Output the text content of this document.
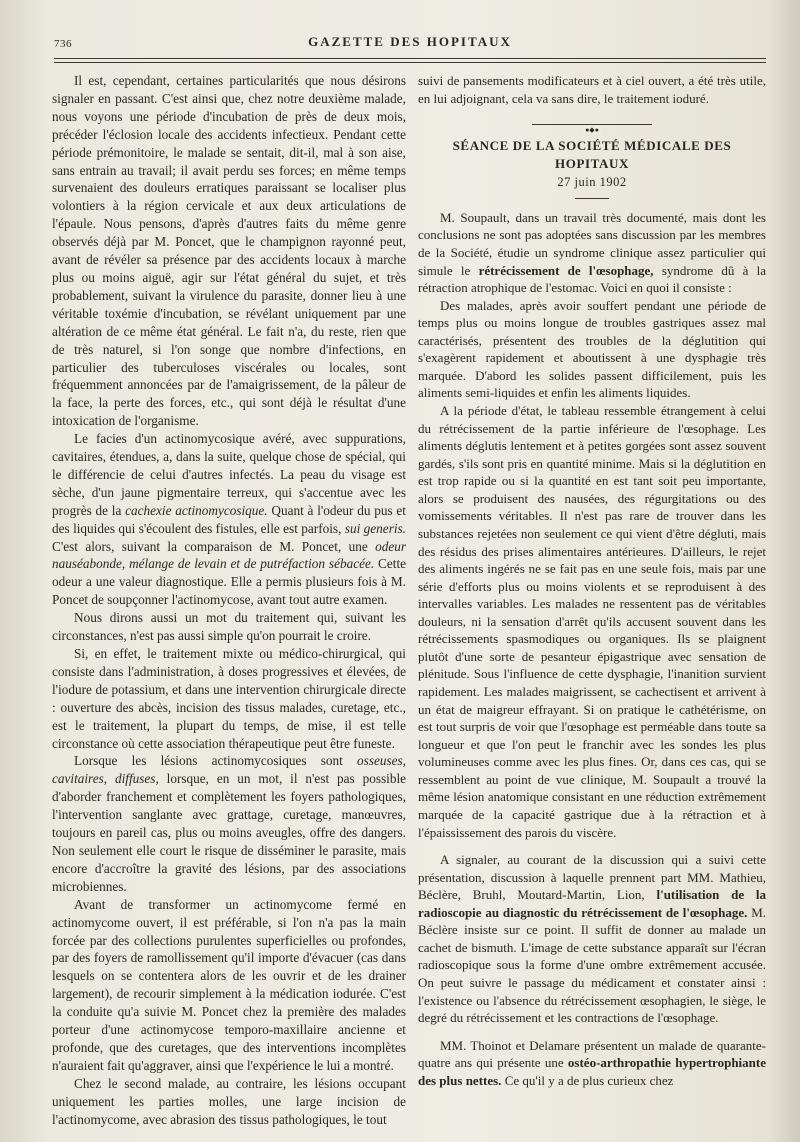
736	GAZETTE DES HOPITAUX

Il est, cependant, certaines particularités que nous désirons signaler en passant. C'est ainsi que, chez notre deuxième malade, nous voyons une période d'incubation de près de deux mois, précéder l'éclosion locale des accidents infectieux. Pendant cette période prémonitoire, le malade se sentait, dit-il, mal à son aise, sans entrain au travail; il avait perdu ses forces; en même temps survenaient des douleurs erratiques paraissant se localiser plus volontiers à la région cervicale et aux deux articulations de l'épaule. Nous pensons, d'après d'autres faits du même genre observés déjà par M. Poncet, que le champignon rayonné peut, avant de révéler sa présence par des accidents locaux à marche plus ou moins aiguë, agir sur l'état général du sujet, et très probablement, suivant la virulence du parasite, donner lieu à une véritable toxémie d'incubation, se révélant uniquement par une altération de ce même état général. Le fait n'a, du reste, rien que de très naturel, si l'on songe que nombre d'infections, en particulier des tuberculoses viscérales ou locales, sont fréquemment annoncées par de l'amaigrissement, de la pâleur de la face, la perte des forces, etc., qui sont déjà le résultat d'une intoxication de l'organisme.

Le facies d'un actinomycosique avéré, avec suppurations, cavitaires, étendues, a, dans la suite, quelque chose de spécial, qui le différencie de celui d'autres infectés. La peau du visage est sèche, d'un jaune pigmentaire terreux, qui s'accentue avec les progrès de la cachexie actinomycosique. Quant à l'odeur du pus et des liquides qui s'écoulent des fistules, elle est parfois, sui generis. C'est alors, suivant la comparaison de M. Poncet, une odeur nauséabonde, mélange de levain et de putréfaction sébacée. Cette odeur a une valeur diagnostique. Elle a permis plusieurs fois à M. Poncet de soupçonner l'actinomycose, avant tout autre examen.

Nous dirons aussi un mot du traitement qui, suivant les circonstances, n'est pas aussi simple qu'on pourrait le croire.

Si, en effet, le traitement mixte ou médico-chirurgical, qui consiste dans l'administration, à doses progressives et élevées, de l'iodure de potassium, et dans une intervention chirurgicale directe : ouverture des abcès, incision des tissus malades, curetage, etc., est le traitement, la plupart du temps, de mise, il est telle circonstance où cette association thérapeutique peut être funeste.

Lorsque les lésions actinomycosiques sont osseuses, cavitaires, diffuses, lorsque, en un mot, il n'est pas possible d'aborder franchement et complètement les foyers pathologiques, l'intervention sanglante avec grattage, curetage, manœuvres, toujours en pareil cas, plus ou moins aveugles, offre des dangers. Non seulement elle court le risque de disséminer le parasite, mais encore d'accroître la gravité des lésions, par des associations microbiennes.

Avant de transformer un actinomycome fermé en actinomycome ouvert, il est préférable, si l'on n'a pas la main forcée par des collections purulentes superficielles ou profondes, par des foyers de ramollissement qu'il importe d'évacuer (cas dans lesquels on se contentera alors de les ouvrir et de les drainer largement), de recourir simplement à la médication iodurée. C'est la conduite qu'a suivie M. Poncet chez la première des malades porteur d'une actinomycose temporo-maxillaire ancienne et profonde, que des curetages, que des interventions incomplètes n'auraient fait qu'aggraver, ainsi que l'expérience le lui a montré.

Chez le second malade, au contraire, les lésions occupant uniquement les parties molles, une large incision de l'actinomycome, avec abrasion des tissus pathologiques, le tout

suivi de pansements modificateurs et à ciel ouvert, a été très utile, en lui adjoignant, cela va sans dire, le traitement ioduré.

●◆●
SÉANCE DE LA SOCIÉTÉ MÉDICALE DES HOPITAUX
27 juin 1902

M. Soupault, dans un travail très documenté, mais dont les conclusions ne sont pas adoptées sans discussion par les membres de la Société, étudie un syndrome clinique assez particulier qui simule le rétrécissement de l'œsophage, syndrome dû à la rétraction atrophique de l'estomac. Voici en quoi il consiste :

Des malades, après avoir souffert pendant une période de temps plus ou moins longue de troubles gastriques assez mal caractérisés, présentent des troubles de la déglutition qui s'exagèrent rapidement et aboutissent à une dysphagie très marquée. D'abord les solides passent difficilement, puis les aliments semi-liquides et enfin les aliments liquides.

A la période d'état, le tableau ressemble étrangement à celui du rétrécissement de la partie inférieure de l'œsophage. Les aliments déglutis lentement et à petites gorgées sont assez souvent gardés, s'ils sont pris en quantité minime. Mais si la déglutition en est trop rapide ou si la quantité en est tant soit peu importante, alors se produisent des nausées, des régurgitations ou des vomissements véritables. Il n'est pas rare de trouver dans les substances rejetées non seulement ce qui vient d'être dégluti, mais des résidus des prises alimentaires antérieures. D'ailleurs, le rejet des aliments ingérés ne se fait pas en une seule fois, mais par une série d'efforts plus ou moins violents et se reproduisent à des intervalles variables. Les malades ne ressentent pas de véritables douleurs, ni la sensation d'arrêt qu'ils accusent souvent dans les rétrécissements spasmodiques ou organiques. Ils se plaignent plutôt d'une sorte de pesanteur épigastrique avec sensation de plénitude. Sous l'influence de cette dysphagie, l'inanition survient rapidement. Les malades maigrissent, se cachectisent et arrivent à un état de maigreur effrayant. Si on pratique le cathétérisme, on est tout surpris de voir que l'œsophage est perméable dans toute sa longueur et que l'on peut le franchir avec les sondes les plus volumineuses comme avec les plus fines. Or, dans ces cas, qui se ressemblent au point de vue clinique, M. Soupault a trouvé la même lésion anatomique consistant en une réduction extrêmement marquée de la capacité gastrique due à la rétraction et à l'épaississement des parois du viscère.

A signaler, au courant de la discussion qui a suivi cette présentation, discussion à laquelle prennent part MM. Mathieu, Béclère, Bruhl, Moutard-Martin, Lion, l'utilisation de la radioscopie au diagnostic du rétrécissement de l'œsophage. M. Béclère insiste sur ce point. Il suffit de donner au malade un cachet de bismuth. L'image de cette substance apparaît sur l'écran radioscopique sous la forme d'une ombre extrêmement accusée. On peut suivre le passage du médicament et constater ainsi : l'existence ou l'absence du rétrécissement œsophagien, le siège, le degré du rétrécissement et les contractions de l'œsophage.

MM. Thoinot et Delamare présentent un malade de quarante-quatre ans qui présente une ostéo-arthropathie hypertrophiante des plus nettes. Ce qu'il y a de plus curieux chez
